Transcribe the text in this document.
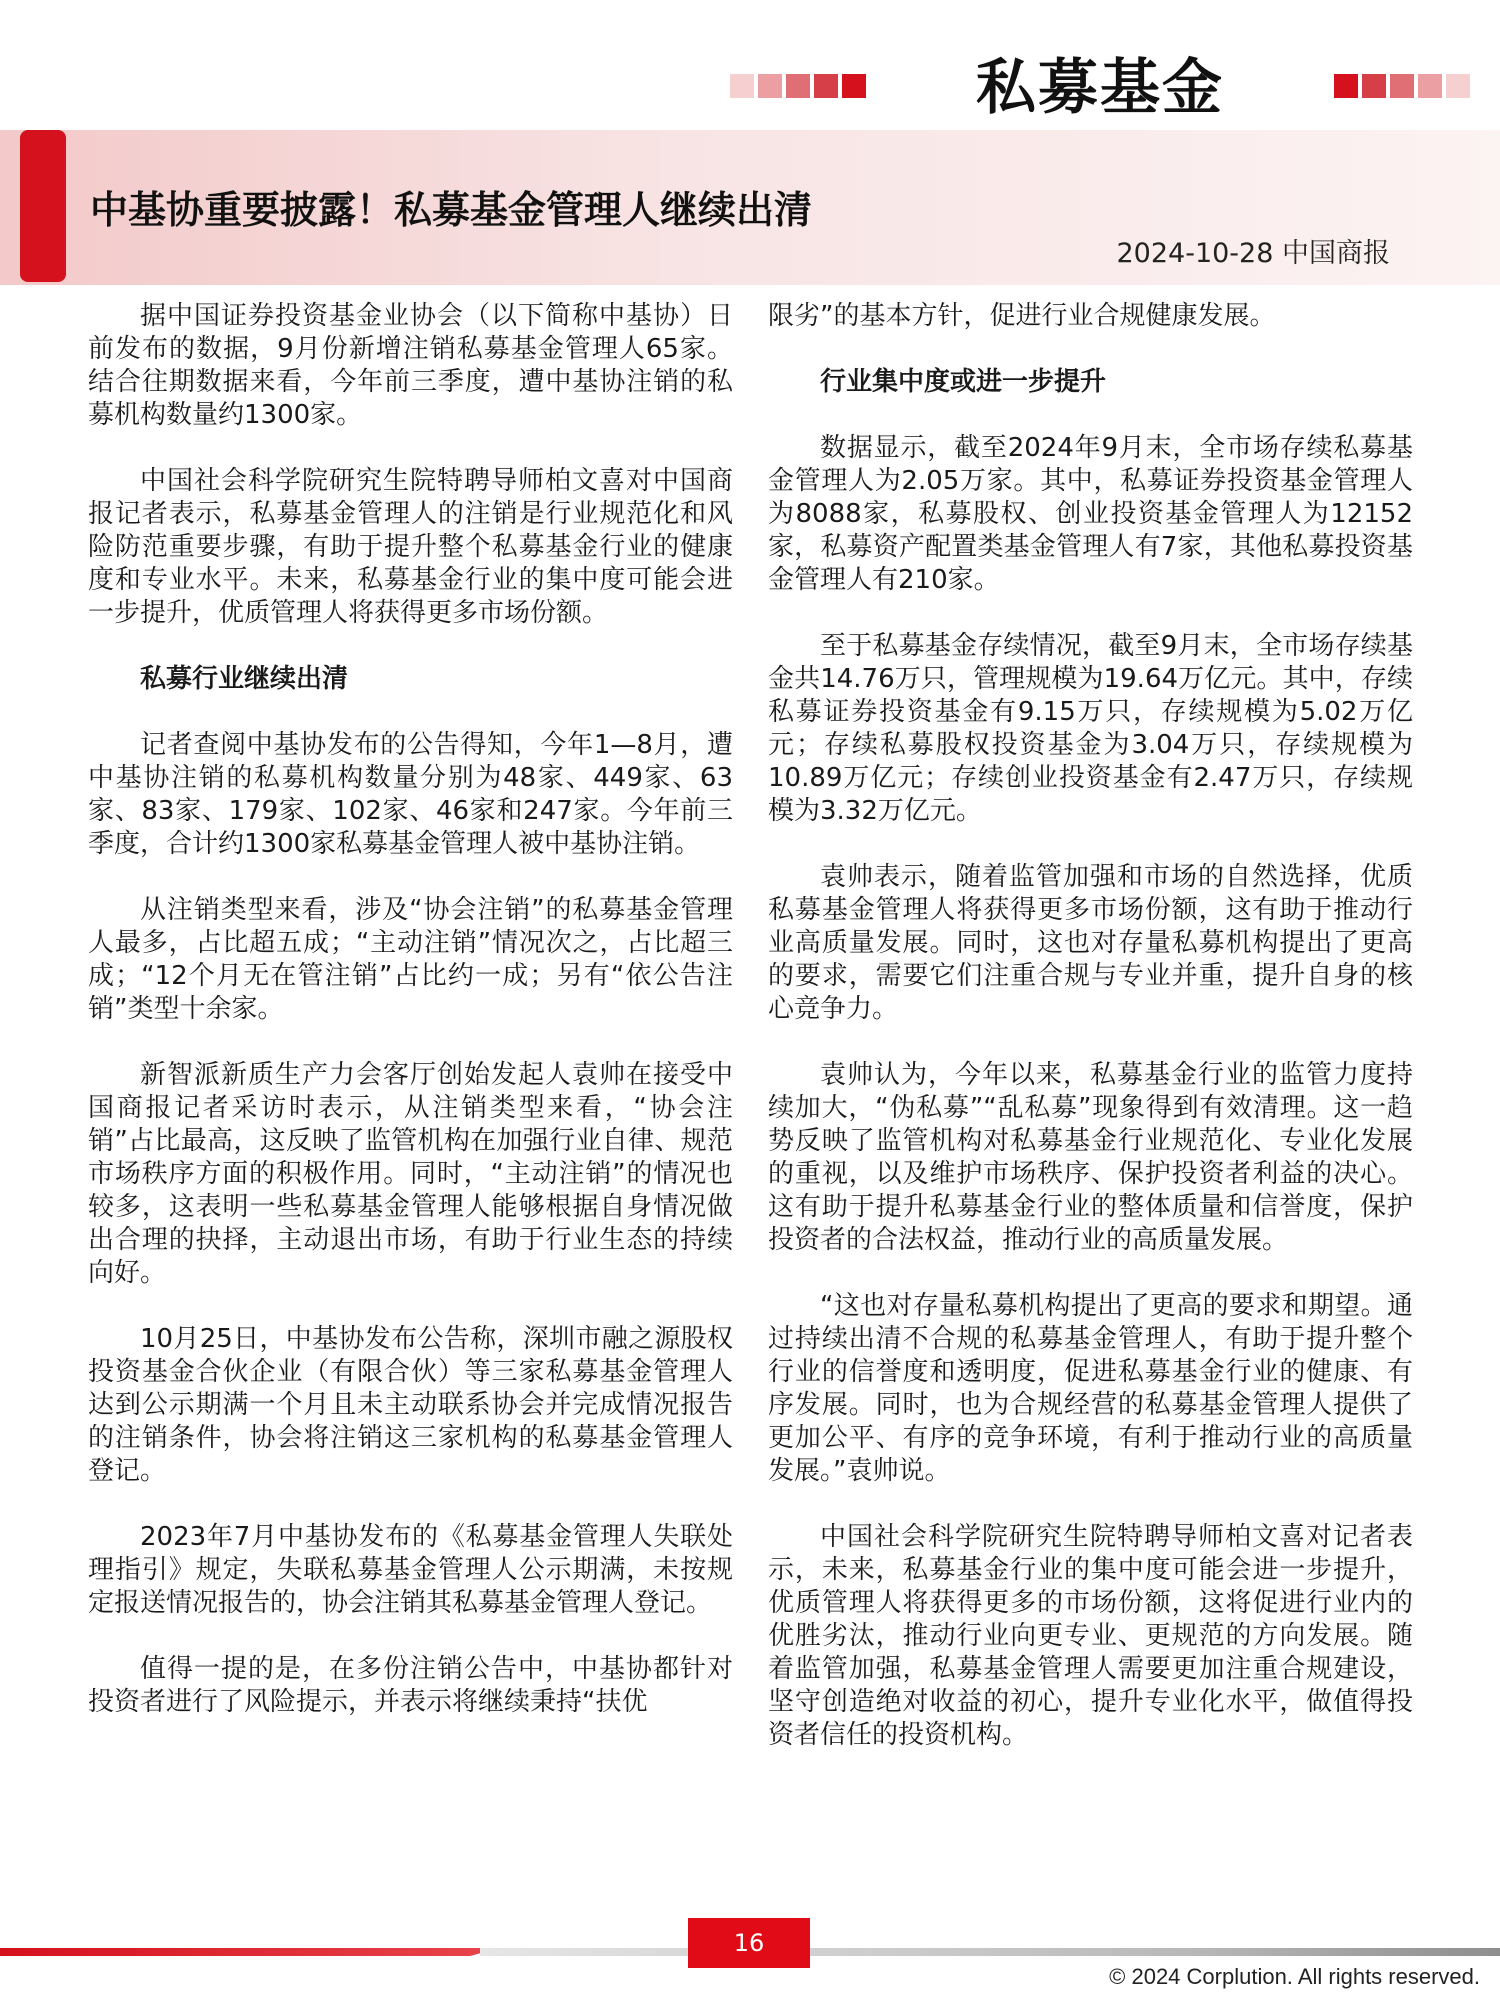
私募基金
中基协重要披露！私募基金管理人继续出清
2024-10-28 中国商报

据中国证券投资基金业协会（以下简称中基协）日前发布的数据，9月份新增注销私募基金管理人65家。结合往期数据来看，今年前三季度，遭中基协注销的私募机构数量约1300家。

中国社会科学院研究生院特聘导师柏文喜对中国商报记者表示，私募基金管理人的注销是行业规范化和风险防范重要步骤，有助于提升整个私募基金行业的健康度和专业水平。未来，私募基金行业的集中度可能会进一步提升，优质管理人将获得更多市场份额。

私募行业继续出清

记者查阅中基协发布的公告得知，今年1—8月，遭中基协注销的私募机构数量分别为48家、449家、63家、83家、179家、102家、46家和247家。今年前三季度，合计约1300家私募基金管理人被中基协注销。

从注销类型来看，涉及“协会注销”的私募基金管理人最多，占比超五成；“主动注销”情况次之，占比超三成；“12个月无在管注销”占比约一成；另有“依公告注销”类型十余家。

新智派新质生产力会客厅创始发起人袁帅在接受中国商报记者采访时表示，从注销类型来看，“协会注销”占比最高，这反映了监管机构在加强行业自律、规范市场秩序方面的积极作用。同时，“主动注销”的情况也较多，这表明一些私募基金管理人能够根据自身情况做出合理的抉择，主动退出市场，有助于行业生态的持续向好。

10月25日，中基协发布公告称，深圳市融之源股权投资基金合伙企业（有限合伙）等三家私募基金管理人达到公示期满一个月且未主动联系协会并完成情况报告的注销条件，协会将注销这三家机构的私募基金管理人登记。

2023年7月中基协发布的《私募基金管理人失联处理指引》规定，失联私募基金管理人公示期满，未按规定报送情况报告的，协会注销其私募基金管理人登记。

值得一提的是，在多份注销公告中，中基协都针对投资者进行了风险提示，并表示将继续秉持“扶优

限劣”的基本方针，促进行业合规健康发展。

行业集中度或进一步提升

数据显示，截至2024年9月末，全市场存续私募基金管理人为2.05万家。其中，私募证券投资基金管理人为8088家，私募股权、创业投资基金管理人为12152家，私募资产配置类基金管理人有7家，其他私募投资基金管理人有210家。

至于私募基金存续情况，截至9月末，全市场存续基金共14.76万只，管理规模为19.64万亿元。其中，存续私募证券投资基金有9.15万只，存续规模为5.02万亿元；存续私募股权投资基金为3.04万只，存续规模为10.89万亿元；存续创业投资基金有2.47万只，存续规模为3.32万亿元。

袁帅表示，随着监管加强和市场的自然选择，优质私募基金管理人将获得更多市场份额，这有助于推动行业高质量发展。同时，这也对存量私募机构提出了更高的要求，需要它们注重合规与专业并重，提升自身的核心竞争力。

袁帅认为，今年以来，私募基金行业的监管力度持续加大，“伪私募”“乱私募”现象得到有效清理。这一趋势反映了监管机构对私募基金行业规范化、专业化发展的重视，以及维护市场秩序、保护投资者利益的决心。这有助于提升私募基金行业的整体质量和信誉度，保护投资者的合法权益，推动行业的高质量发展。

“这也对存量私募机构提出了更高的要求和期望。通过持续出清不合规的私募基金管理人，有助于提升整个行业的信誉度和透明度，促进私募基金行业的健康、有序发展。同时，也为合规经营的私募基金管理人提供了更加公平、有序的竞争环境，有利于推动行业的高质量发展。”袁帅说。

中国社会科学院研究生院特聘导师柏文喜对记者表示，未来，私募基金行业的集中度可能会进一步提升，优质管理人将获得更多的市场份额，这将促进行业内的优胜劣汰，推动行业向更专业、更规范的方向发展。随着监管加强，私募基金管理人需要更加注重合规建设，坚守创造绝对收益的初心，提升专业化水平，做值得投资者信任的投资机构。

16
© 2024 Corplution. All rights reserved.
